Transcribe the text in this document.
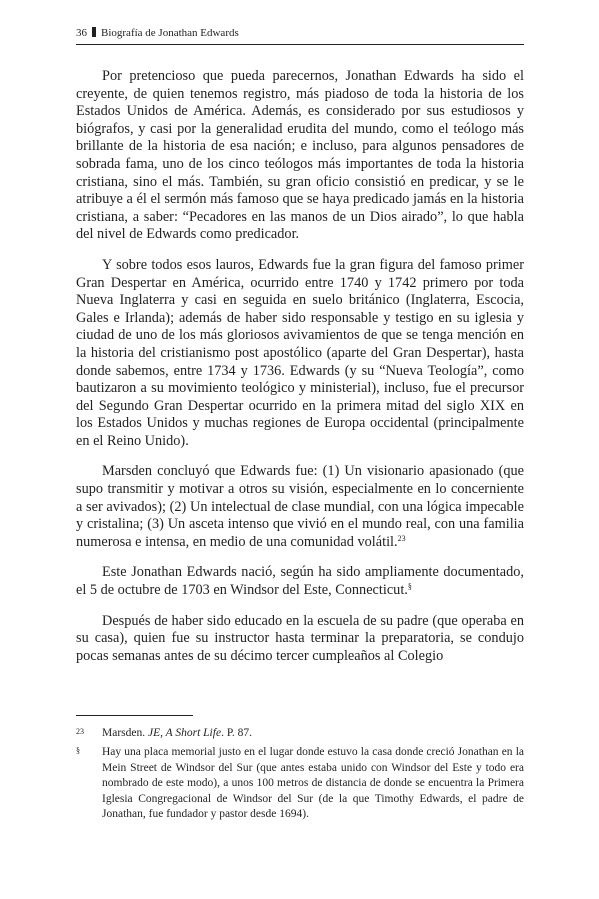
36 Biografía de Jonathan Edwards

Por pretencioso que pueda parecernos, Jonathan Edwards ha sido el creyente, de quien tenemos registro, más piadoso de toda la historia de los Estados Unidos de América. Además, es considerado por sus estudiosos y biógrafos, y casi por la generalidad erudita del mundo, como el teólogo más brillante de la historia de esa nación; e incluso, para algunos pensadores de sobrada fama, uno de los cinco teólogos más importantes de toda la historia cristiana, sino el más. También, su gran oficio consistió en predicar, y se le atribuye a él el sermón más famoso que se haya predicado jamás en la historia cristiana, a saber: “Pecadores en las manos de un Dios airado”, lo que habla del nivel de Edwards como predicador.

Y sobre todos esos lauros, Edwards fue la gran figura del famoso primer Gran Despertar en América, ocurrido entre 1740 y 1742 primero por toda Nueva Inglaterra y casi en seguida en suelo británico (Inglaterra, Escocia, Gales e Irlanda); además de haber sido responsable y testigo en su iglesia y ciudad de uno de los más gloriosos avivamientos de que se tenga mención en la historia del cristianismo post apostólico (aparte del Gran Despertar), hasta donde sabemos, entre 1734 y 1736. Edwards (y su “Nueva Teología”, como bautizaron a su movimiento teológico y ministerial), incluso, fue el precursor del Segundo Gran Despertar ocurrido en la primera mitad del siglo XIX en los Estados Unidos y muchas regiones de Europa occidental (principalmente en el Reino Unido).

Marsden concluyó que Edwards fue: (1) Un visionario apasionado (que supo transmitir y motivar a otros su visión, especialmente en lo concerniente a ser avivados); (2) Un intelectual de clase mundial, con una lógica impecable y cristalina; (3) Un asceta intenso que vivió en el mundo real, con una familia numerosa e intensa, en medio de una comunidad volátil.$^{23}$

Este Jonathan Edwards nació, según ha sido ampliamente documentado, el 5 de octubre de 1703 en Windsor del Este, Connecticut.§

Después de haber sido educado en la escuela de su padre (que operaba en su casa), quien fue su instructor hasta terminar la preparatoria, se condujo pocas semanas antes de su décimo tercer cumpleaños al Colegio

23 Marsden. JE, A Short Life. P. 87.
§ Hay una placa memorial justo en el lugar donde estuvo la casa donde creció Jonathan en la Mein Street de Windsor del Sur (que antes estaba unido con Windsor del Este y todo era nombrado de este modo), a unos 100 metros de distancia de donde se encuentra la Primera Iglesia Congregacional de Windsor del Sur (de la que Timothy Edwards, el padre de Jonathan, fue fundador y pastor desde 1694).
